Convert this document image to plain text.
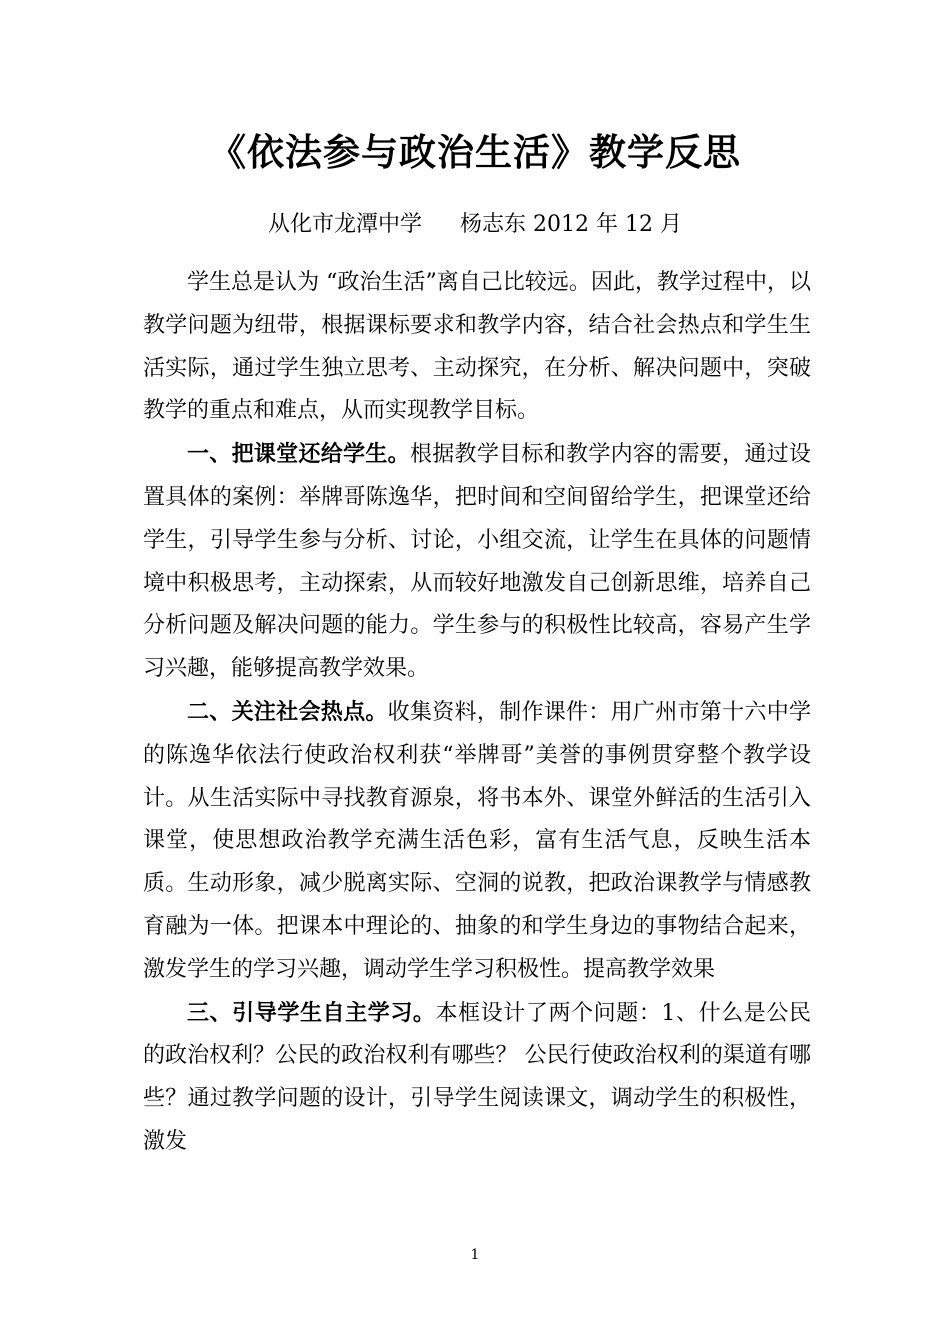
《依法参与政治生活》教学反思

从化市龙潭中学 杨志东 2012 年 12 月

学生总是认为 “政治生活”离自己比较远。因此，教学过程中，以教学问题为纽带，根据课标要求和教学内容，结合社会热点和学生生活实际，通过学生独立思考、主动探究，在分析、解决问题中，突破教学的重点和难点，从而实现教学目标。

一、把课堂还给学生。根据教学目标和教学内容的需要，通过设置具体的案例：举牌哥陈逸华，把时间和空间留给学生，把课堂还给学生，引导学生参与分析、讨论，小组交流，让学生在具体的问题情境中积极思考，主动探索，从而较好地激发自己创新思维，培养自己分析问题及解决问题的能力。学生参与的积极性比较高，容易产生学习兴趣，能够提高教学效果。

二、关注社会热点。收集资料，制作课件：用广州市第十六中学的陈逸华依法行使政治权利获“举牌哥”美誉的事例贯穿整个教学设计。从生活实际中寻找教育源泉，将书本外、课堂外鲜活的生活引入课堂，使思想政治教学充满生活色彩，富有生活气息，反映生活本质。生动形象，减少脱离实际、空洞的说教，把政治课教学与情感教育融为一体。把课本中理论的、抽象的和学生身边的事物结合起来，激发学生的学习兴趣，调动学生学习积极性。提高教学效果

三、引导学生自主学习。本框设计了两个问题：1、什么是公民的政治权利？公民的政治权利有哪些？ 公民行使政治权利的渠道有哪些？通过教学问题的设计，引导学生阅读课文，调动学生的积极性，激发

1
